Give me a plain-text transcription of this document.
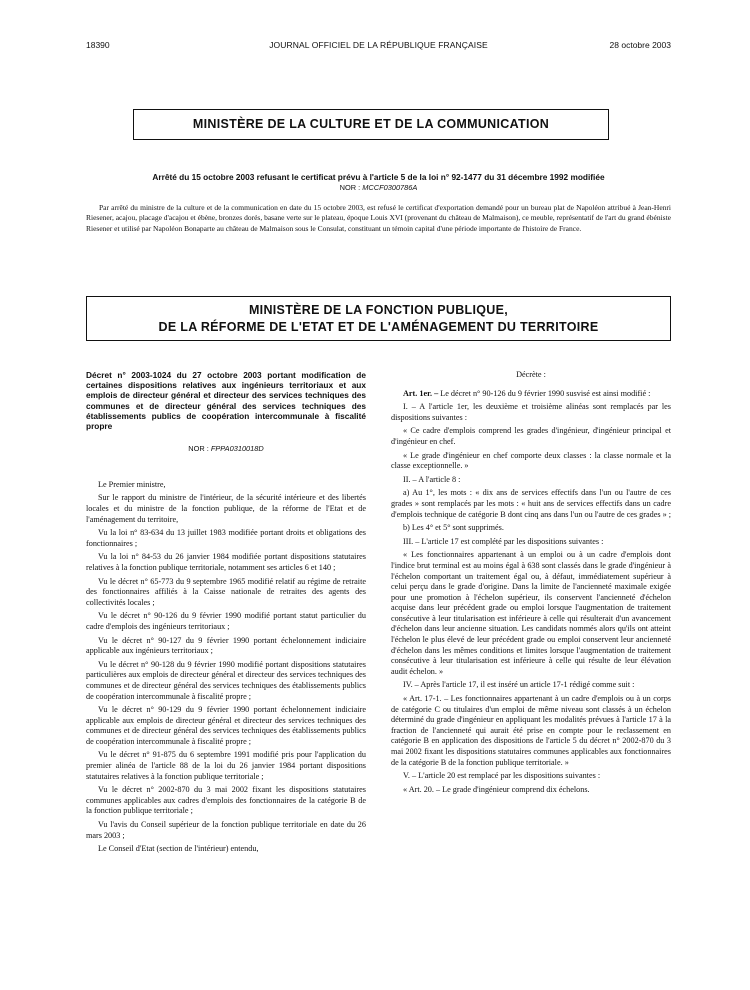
18390	JOURNAL OFFICIEL DE LA RÉPUBLIQUE FRANÇAISE	28 octobre 2003
MINISTÈRE DE LA CULTURE ET DE LA COMMUNICATION
Arrêté du 15 octobre 2003 refusant le certificat prévu à l'article 5 de la loi n° 92-1477 du 31 décembre 1992 modifiée
NOR : MCCF0300786A
Par arrêté du ministre de la culture et de la communication en date du 15 octobre 2003, est refusé le certificat d'exportation demandé pour un bureau plat de Napoléon attribué à Jean-Henri Riesener, acajou, placage d'acajou et ébène, bronzes dorés, basane verte sur le plateau, époque Louis XVI (provenant du château de Malmaison), ce meuble, représentatif de l'art du grand ébéniste Riesener et utilisé par Napoléon Bonaparte au château de Malmaison sous le Consulat, constituant un témoin capital d'une période importante de l'histoire de France.
MINISTÈRE DE LA FONCTION PUBLIQUE,
DE LA RÉFORME DE L'ETAT ET DE L'AMÉNAGEMENT DU TERRITOIRE
Décret n° 2003-1024 du 27 octobre 2003 portant modification de certaines dispositions relatives aux ingénieurs territoriaux et aux emplois de directeur général et directeur des services techniques des communes et de directeur général des services techniques des établissements publics de coopération intercommunale à fiscalité propre
NOR : FPPA0310018D

Le Premier ministre,

Sur le rapport du ministre de l'intérieur, de la sécurité intérieure et des libertés locales et du ministre de la fonction publique, de la réforme de l'Etat et de l'aménagement du territoire,

Vu la loi n° 83-634 du 13 juillet 1983 modifiée portant droits et obligations des fonctionnaires ;

Vu la loi n° 84-53 du 26 janvier 1984 modifiée portant dispositions statutaires relatives à la fonction publique territoriale, notamment ses articles 6 et 140 ;

Vu le décret n° 65-773 du 9 septembre 1965 modifié relatif au régime de retraite des fonctionnaires affiliés à la Caisse nationale de retraites des agents des collectivités locales ;

Vu le décret n° 90-126 du 9 février 1990 modifié portant statut particulier du cadre d'emplois des ingénieurs territoriaux ;

Vu le décret n° 90-127 du 9 février 1990 portant échelonnement indiciaire applicable aux ingénieurs territoriaux ;

Vu le décret n° 90-128 du 9 février 1990 modifié portant dispositions statutaires particulières aux emplois de directeur général et directeur des services techniques des communes et de directeur général des services techniques des établissements publics de coopération intercommunale à fiscalité propre ;

Vu le décret n° 90-129 du 9 février 1990 portant échelonnement indiciaire applicable aux emplois de directeur général et directeur des services techniques des communes et de directeur général des services techniques des établissements publics de coopération intercommunale à fiscalité propre ;

Vu le décret n° 91-875 du 6 septembre 1991 modifié pris pour l'application du premier alinéa de l'article 88 de la loi du 26 janvier 1984 portant dispositions statutaires relatives à la fonction publique territoriale ;

Vu le décret n° 2002-870 du 3 mai 2002 fixant les dispositions statutaires communes applicables aux cadres d'emplois des fonctionnaires de la catégorie B de la fonction publique territoriale ;

Vu l'avis du Conseil supérieur de la fonction publique territoriale en date du 26 mars 2003 ;

Le Conseil d'Etat (section de l'intérieur) entendu,

Décrète :

Art. 1er. – Le décret n° 90-126 du 9 février 1990 susvisé est ainsi modifié :

I. – A l'article 1er, les deuxième et troisième alinéas sont remplacés par les dispositions suivantes :

« Ce cadre d'emplois comprend les grades d'ingénieur, d'ingénieur principal et d'ingénieur en chef.

« Le grade d'ingénieur en chef comporte deux classes : la classe normale et la classe exceptionnelle. »

II. – A l'article 8 :

a) Au 1°, les mots : « dix ans de services effectifs dans l'un ou l'autre de ces grades » sont remplacés par les mots : « huit ans de services effectifs dans un cadre d'emplois technique de catégorie B dont cinq ans dans l'un ou l'autre de ces grades » ;

b) Les 4° et 5° sont supprimés.

III. – L'article 17 est complété par les dispositions suivantes :

« Les fonctionnaires appartenant à un emploi ou à un cadre d'emplois dont l'indice brut terminal est au moins égal à 638 sont classés dans le grade d'ingénieur à l'échelon comportant un traitement égal ou, à défaut, immédiatement supérieur à celui perçu dans le grade d'origine. Dans la limite de l'ancienneté maximale exigée pour une promotion à l'échelon supérieur, ils conservent l'ancienneté d'échelon acquise dans leur précédent grade ou emploi lorsque l'augmentation de traitement consécutive à leur titularisation est inférieure à celle qui résulterait d'un avancement d'échelon dans leur ancienne situation. Les candidats nommés alors qu'ils ont atteint l'échelon le plus élevé de leur précédent grade ou emploi conservent leur ancienneté d'échelon dans les mêmes conditions et limites lorsque l'augmentation de traitement consécutive à leur titularisation est inférieure à celle qui résulte de leur élévation audit échelon. »

IV. – Après l'article 17, il est inséré un article 17-1 rédigé comme suit :

« Art. 17-1. – Les fonctionnaires appartenant à un cadre d'emplois ou à un corps de catégorie C ou titulaires d'un emploi de même niveau sont classés à un échelon déterminé du grade d'ingénieur en appliquant les modalités prévues à l'article 17 à la fraction de l'ancienneté qui aurait été prise en compte pour le reclassement en catégorie B en application des dispositions de l'article 5 du décret n° 2002-870 du 3 mai 2002 fixant les dispositions statutaires communes applicables aux fonctionnaires de la catégorie B de la fonction publique territoriale. »

V. – L'article 20 est remplacé par les dispositions suivantes :

« Art. 20. – Le grade d'ingénieur comprend dix échelons.
